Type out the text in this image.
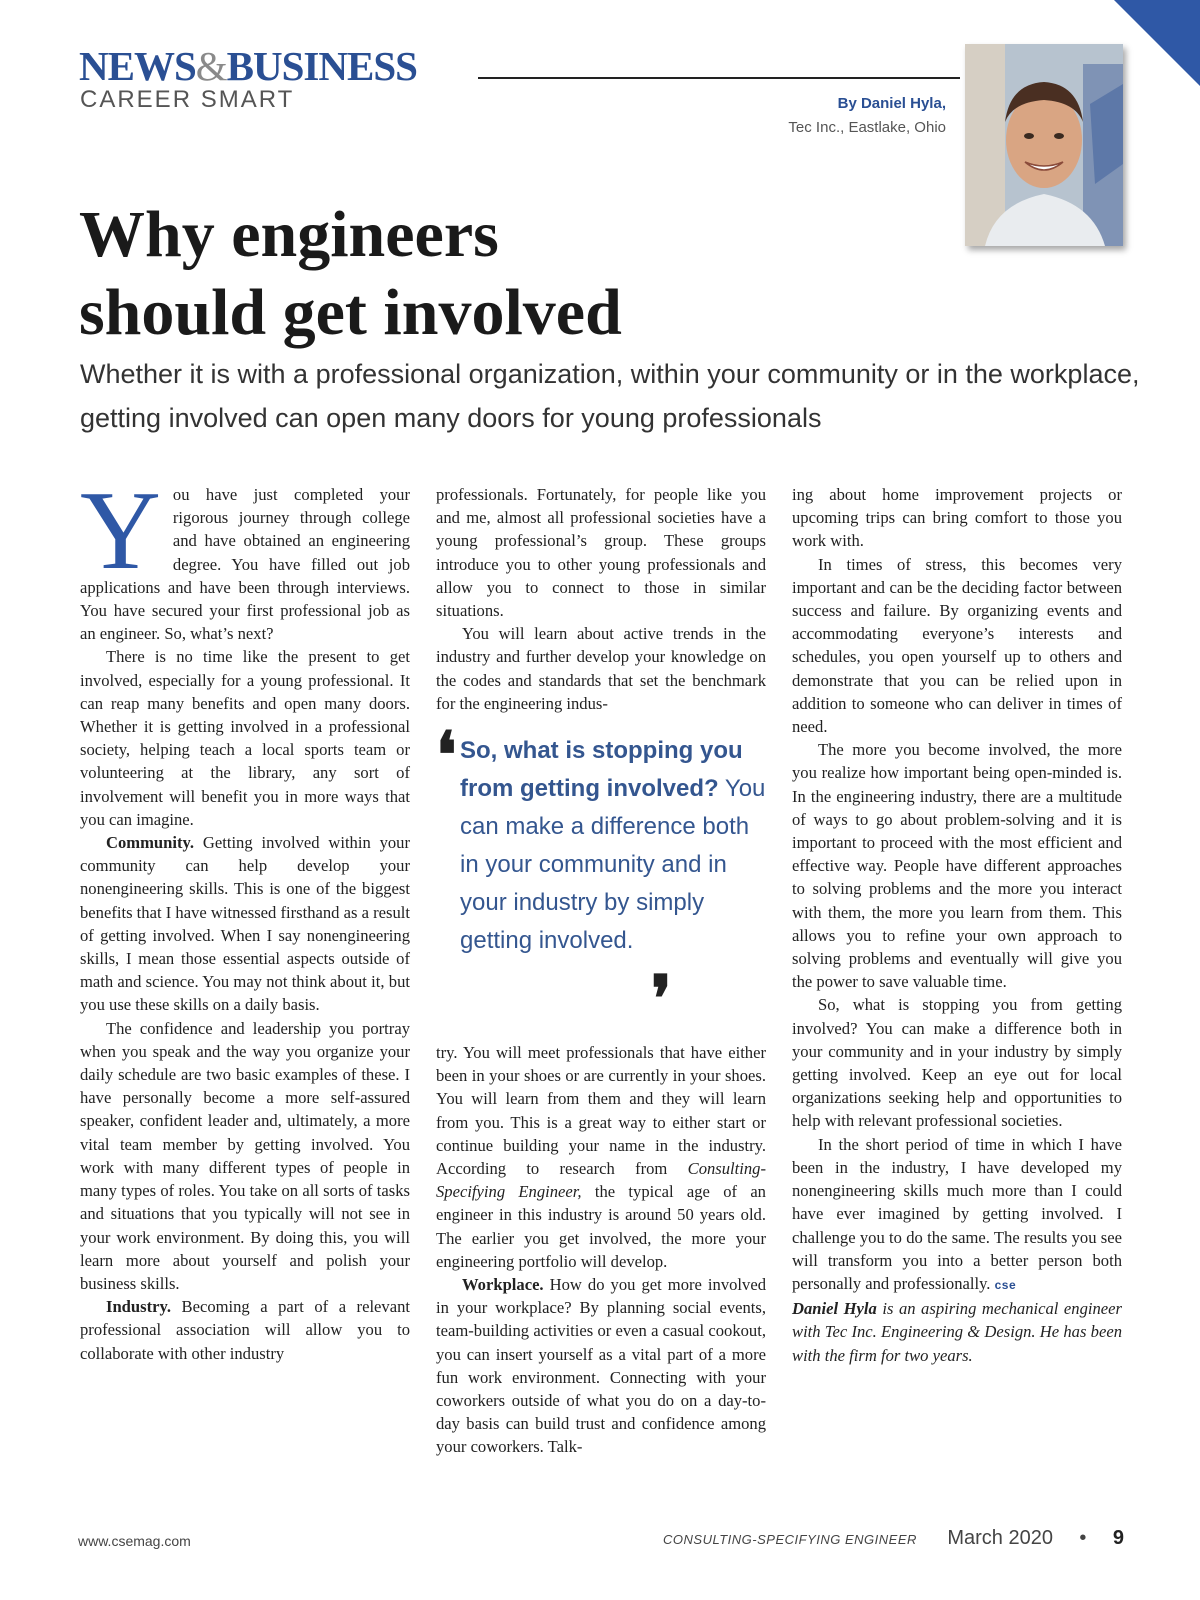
NEWS&BUSINESS
CAREER SMART	By Daniel Hyla,
Tec Inc., Eastlake, Ohio
Why engineers
should get involved
Whether it is with a professional organization, within your community or in the workplace, getting involved can open many doors for young professionals
Y ou have just completed your rigorous journey through college and have obtained an engineering degree. You have filled out job applications and have been through interviews. You have secured your first professional job as an engineer. So, what’s next?

There is no time like the present to get involved, especially for a young professional. It can reap many benefits and open many doors. Whether it is getting involved in a professional society, helping teach a local sports team or volunteering at the library, any sort of involvement will benefit you in more ways that you can imagine.

Community. Getting involved within your community can help develop your nonengineering skills. This is one of the biggest benefits that I have witnessed firsthand as a result of getting involved. When I say nonengineering skills, I mean those essential aspects outside of math and science. You may not think about it, but you use these skills on a daily basis.

The confidence and leadership you portray when you speak and the way you organize your daily schedule are two basic examples of these. I have personally become a more self-assured speaker, confident leader and, ultimately, a more vital team member by getting involved. You work with many different types of people in many types of roles. You take on all sorts of tasks and situations that you typically will not see in your work environment. By doing this, you will learn more about yourself and polish your business skills.

Industry. Becoming a part of a relevant professional association will allow you to collaborate with other industry

professionals. Fortunately, for people like you and me, almost all professional societies have a young professional’s group. These groups introduce you to other young professionals and allow you to connect to those in similar situations.

You will learn about active trends in the industry and further develop your knowledge on the codes and standards that set the benchmark for the engineering indus-

❛ So, what is stopping you from getting involved? You can make a difference both in your community and in your industry by simply getting involved.
❜

try. You will meet professionals that have either been in your shoes or are currently in your shoes. You will learn from them and they will learn from you. This is a great way to either start or continue building your name in the industry. According to research from Consulting-Specifying Engineer, the typical age of an engineer in this industry is around 50 years old. The earlier you get involved, the more your engineering portfolio will develop.

Workplace. How do you get more involved in your workplace? By planning social events, team-building activities or even a casual cookout, you can insert yourself as a vital part of a more fun work environment. Connecting with your coworkers outside of what you do on a day-to-day basis can build trust and confidence among your coworkers. Talk-

ing about home improvement projects or upcoming trips can bring comfort to those you work with.

In times of stress, this becomes very important and can be the deciding factor between success and failure. By organizing events and accommodating everyone’s interests and schedules, you open yourself up to others and demonstrate that you can be relied upon in addition to someone who can deliver in times of need.

The more you become involved, the more you realize how important being open-minded is. In the engineering industry, there are a multitude of ways to go about problem-solving and it is important to proceed with the most efficient and effective way. People have different approaches to solving problems and the more you interact with them, the more you learn from them. This allows you to refine your own approach to solving problems and eventually will give you the power to save valuable time.

So, what is stopping you from getting involved? You can make a difference both in your community and in your industry by simply getting involved. Keep an eye out for local organizations seeking help and opportunities to help with relevant professional societies.

In the short period of time in which I have been in the industry, I have developed my nonengineering skills much more than I could have ever imagined by getting involved. I challenge you to do the same. The results you see will transform you into a better person both personally and professionally. cse

Daniel Hyla is an aspiring mechanical engineer with Tec Inc. Engineering & Design. He has been with the firm for two years.

www.csemag.com	CONSULTING-SPECIFYING ENGINEER March 2020 • 9
